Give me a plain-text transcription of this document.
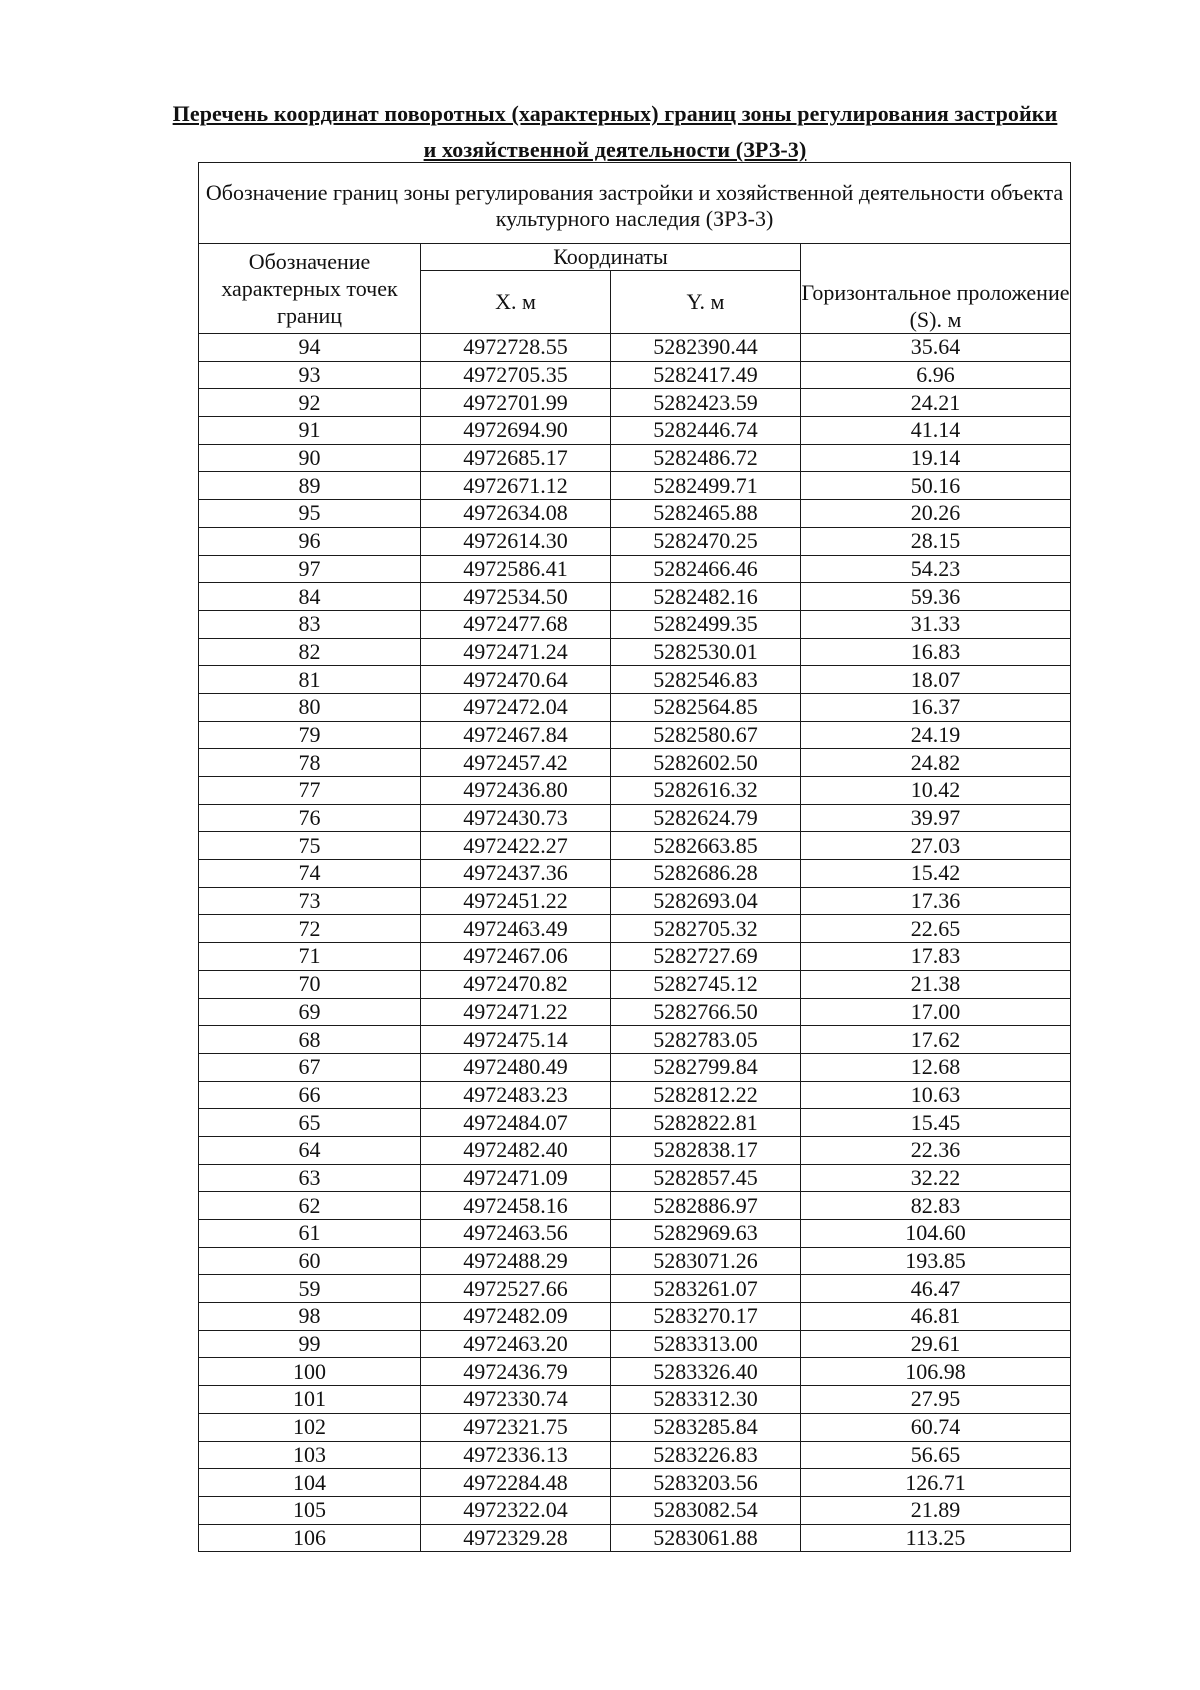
Перечень координат поворотных (характерных) границ зоны регулирования застройки
и хозяйственной деятельности (ЗРЗ-3)
Обозначение границ зоны регулирования застройки и хозяйственной деятельности объекта культурного наследия (ЗРЗ-3)			
Обозначение характерных точек границ	Координаты		Горизонтальное проложение (S). м
	X. м	Y. м	
94	4972728.55	5282390.44	35.64
93	4972705.35	5282417.49	6.96
92	4972701.99	5282423.59	24.21
91	4972694.90	5282446.74	41.14
90	4972685.17	5282486.72	19.14
89	4972671.12	5282499.71	50.16
95	4972634.08	5282465.88	20.26
96	4972614.30	5282470.25	28.15
97	4972586.41	5282466.46	54.23
84	4972534.50	5282482.16	59.36
83	4972477.68	5282499.35	31.33
82	4972471.24	5282530.01	16.83
81	4972470.64	5282546.83	18.07
80	4972472.04	5282564.85	16.37
79	4972467.84	5282580.67	24.19
78	4972457.42	5282602.50	24.82
77	4972436.80	5282616.32	10.42
76	4972430.73	5282624.79	39.97
75	4972422.27	5282663.85	27.03
74	4972437.36	5282686.28	15.42
73	4972451.22	5282693.04	17.36
72	4972463.49	5282705.32	22.65
71	4972467.06	5282727.69	17.83
70	4972470.82	5282745.12	21.38
69	4972471.22	5282766.50	17.00
68	4972475.14	5282783.05	17.62
67	4972480.49	5282799.84	12.68
66	4972483.23	5282812.22	10.63
65	4972484.07	5282822.81	15.45
64	4972482.40	5282838.17	22.36
63	4972471.09	5282857.45	32.22
62	4972458.16	5282886.97	82.83
61	4972463.56	5282969.63	104.60
60	4972488.29	5283071.26	193.85
59	4972527.66	5283261.07	46.47
98	4972482.09	5283270.17	46.81
99	4972463.20	5283313.00	29.61
100	4972436.79	5283326.40	106.98
101	4972330.74	5283312.30	27.95
102	4972321.75	5283285.84	60.74
103	4972336.13	5283226.83	56.65
104	4972284.48	5283203.56	126.71
105	4972322.04	5283082.54	21.89
106	4972329.28	5283061.88	113.25
